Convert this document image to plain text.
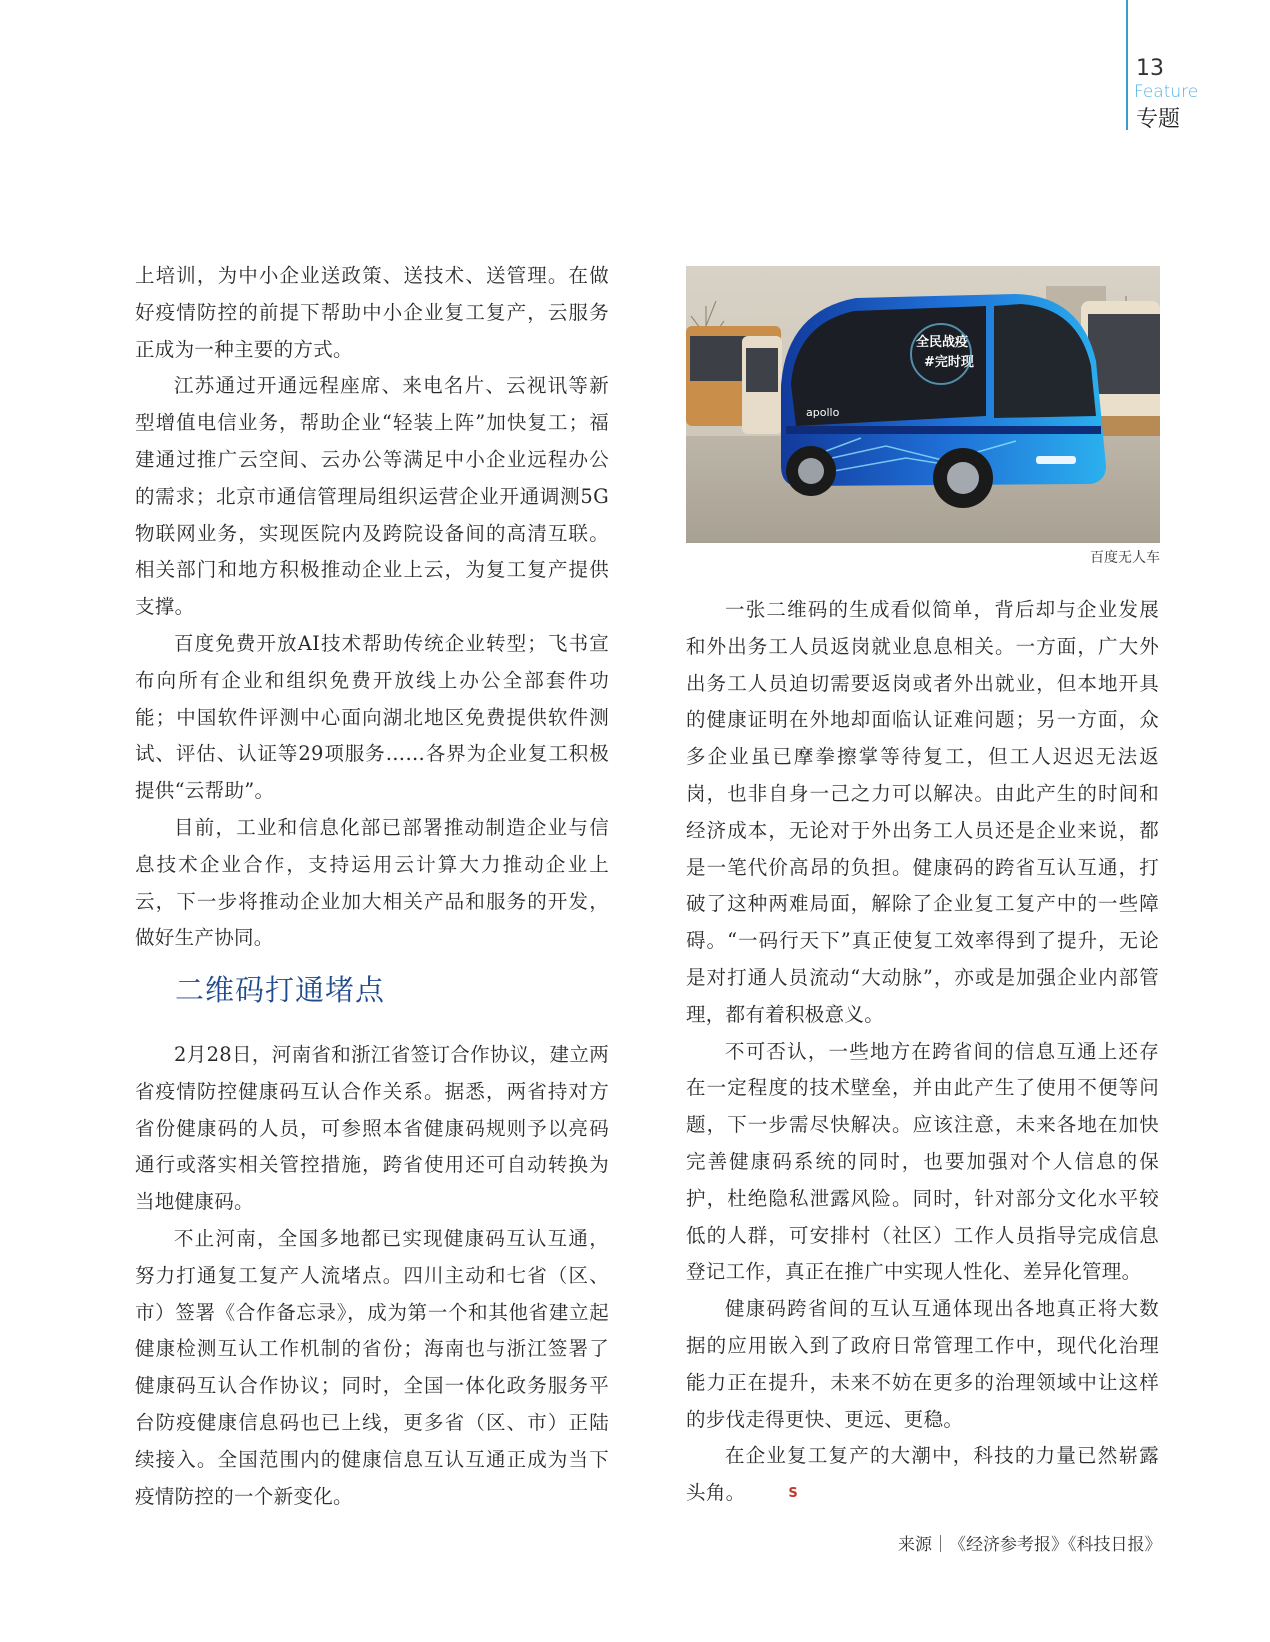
13
Feature
专题

上培训，为中小企业送政策、送技术、送管理。在做好疫情防控的前提下帮助中小企业复工复产，云服务正成为一种主要的方式。

江苏通过开通远程座席、来电名片、云视讯等新型增值电信业务，帮助企业“轻装上阵”加快复工；福建通过推广云空间、云办公等满足中小企业远程办公的需求；北京市通信管理局组织运营企业开通调测5G物联网业务，实现医院内及跨院设备间的高清互联。相关部门和地方积极推动企业上云，为复工复产提供支撑。

百度免费开放AI技术帮助传统企业转型；飞书宣布向所有企业和组织免费开放线上办公全部套件功能；中国软件评测中心面向湖北地区免费提供软件测试、评估、认证等29项服务……各界为企业复工积极提供“云帮助”。

目前，工业和信息化部已部署推动制造企业与信息技术企业合作，支持运用云计算大力推动企业上云，下一步将推动企业加大相关产品和服务的开发，做好生产协同。

二维码打通堵点

2月28日，河南省和浙江省签订合作协议，建立两省疫情防控健康码互认合作关系。据悉，两省持对方省份健康码的人员，可参照本省健康码规则予以亮码通行或落实相关管控措施，跨省使用还可自动转换为当地健康码。

不止河南，全国多地都已实现健康码互认互通，努力打通复工复产人流堵点。四川主动和七省（区、市）签署《合作备忘录》，成为第一个和其他省建立起健康检测互认工作机制的省份；海南也与浙江签署了健康码互认合作协议；同时，全国一体化政务服务平台防疫健康信息码也已上线，更多省（区、市）正陆续接入。全国范围内的健康信息互认互通正成为当下疫情防控的一个新变化。

全民战疫
#完时现
apollo
百度无人车

一张二维码的生成看似简单，背后却与企业发展和外出务工人员返岗就业息息相关。一方面，广大外出务工人员迫切需要返岗或者外出就业，但本地开具的健康证明在外地却面临认证难问题；另一方面，众多企业虽已摩拳擦掌等待复工，但工人迟迟无法返岗，也非自身一己之力可以解决。由此产生的时间和经济成本，无论对于外出务工人员还是企业来说，都是一笔代价高昂的负担。健康码的跨省互认互通，打破了这种两难局面，解除了企业复工复产中的一些障碍。“一码行天下”真正使复工效率得到了提升，无论是对打通人员流动“大动脉”，亦或是加强企业内部管理，都有着积极意义。

不可否认，一些地方在跨省间的信息互通上还存在一定程度的技术壁垒，并由此产生了使用不便等问题，下一步需尽快解决。应该注意，未来各地在加快完善健康码系统的同时，也要加强对个人信息的保护，杜绝隐私泄露风险。同时，针对部分文化水平较低的人群，可安排村（社区）工作人员指导完成信息登记工作，真正在推广中实现人性化、差异化管理。

健康码跨省间的互认互通体现出各地真正将大数据的应用嵌入到了政府日常管理工作中，现代化治理能力正在提升，未来不妨在更多的治理领域中让这样的步伐走得更快、更远、更稳。

在企业复工复产的大潮中，科技的力量已然崭露头角。	S

来源｜《经济参考报》《科技日报》
